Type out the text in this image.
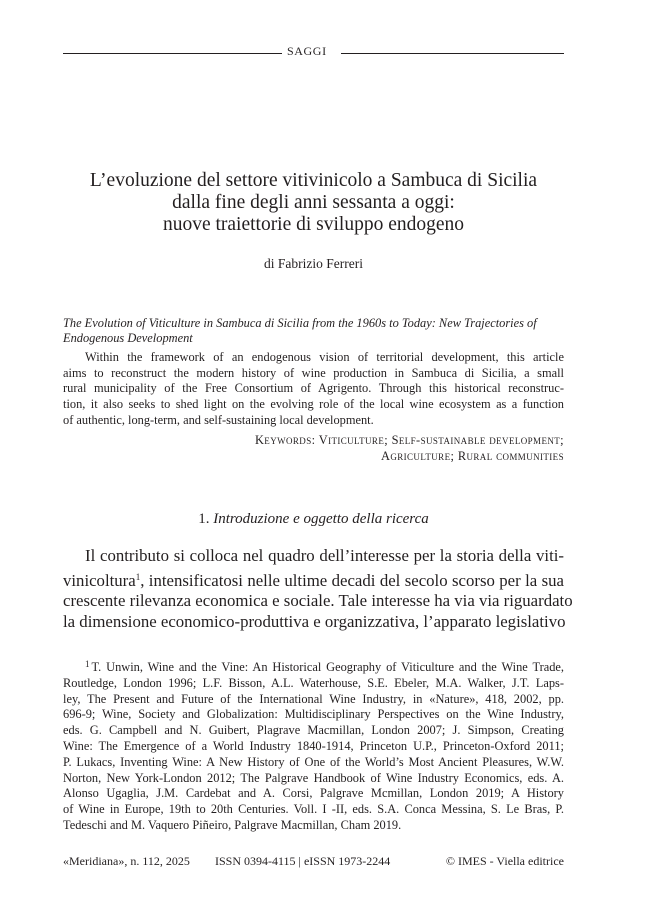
SAGGI
L’evoluzione del settore vitivinicolo a Sambuca di Sicilia
dalla fine degli anni sessanta a oggi:
nuove traiettorie di sviluppo endogeno
di Fabrizio Ferreri
The Evolution of Viticulture in Sambuca di Sicilia from the 1960s to Today: New Trajectories of
Endogenous Development
Within the framework of an endogenous vision of territorial development, this article
aims to reconstruct the modern history of wine production in Sambuca di Sicilia, a small
rural municipality of the Free Consortium of Agrigento. Through this historical reconstruc-
tion, it also seeks to shed light on the evolving role of the local wine ecosystem as a function
of authentic, long-term, and self-sustaining local development.
Keywords: Viticulture; Self-sustainable development;
Agriculture; Rural communities
1. Introduzione e oggetto della ricerca
Il contributo si colloca nel quadro dell’interesse per la storia della viti-
vinicoltura$^1$, intensificatosi nelle ultime decadi del secolo scorso per la sua
crescente rilevanza economica e sociale. Tale interesse ha via via riguardato
la dimensione economico-produttiva e organizzativa, l’apparato legislativo
$^1$ T. Unwin, Wine and the Vine: An Historical Geography of Viticulture and the Wine Trade,
Routledge, London 1996; L.F. Bisson, A.L. Waterhouse, S.E. Ebeler, M.A. Walker, J.T. Laps-
ley, The Present and Future of the International Wine Industry, in «Nature», 418, 2002, pp.
696-9; Wine, Society and Globalization: Multidisciplinary Perspectives on the Wine Industry,
eds. G. Campbell and N. Guibert, Plagrave Macmillan, London 2007; J. Simpson, Creating
Wine: The Emergence of a World Industry 1840-1914, Princeton U.P., Princeton-Oxford 2011;
P. Lukacs, Inventing Wine: A New History of One of the World’s Most Ancient Pleasures, W.W.
Norton, New York-London 2012; The Palgrave Handbook of Wine Industry Economics, eds. A.
Alonso Ugaglia, J.M. Cardebat and A. Corsi, Palgrave Mcmillan, London 2019; A History
of Wine in Europe, 19th to 20th Centuries. Voll. I -II, eds. S.A. Conca Messina, S. Le Bras, P.
Tedeschi and M. Vaquero Piñeiro, Palgrave Macmillan, Cham 2019.
«Meridiana», n. 112, 2025 ISSN 0394-4115 | eISSN 1973-2244	© IMES - Viella editrice
